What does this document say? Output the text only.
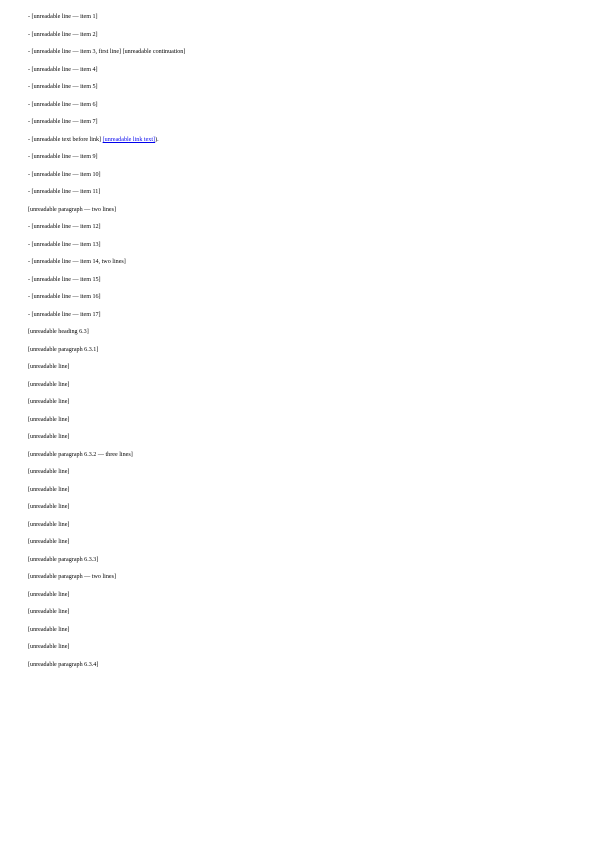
- [unreadable line — item 1]

- [unreadable line — item 2]

- [unreadable line — item 3, first line] [unreadable continuation]

- [unreadable line — item 4]

- [unreadable line — item 5]

- [unreadable line — item 6]

- [unreadable line — item 7]

- [unreadable text before link] [unreadable link text]).

- [unreadable line — item 9]

- [unreadable line — item 10]

- [unreadable line — item 11]

[unreadable paragraph — two lines]

- [unreadable line — item 12]

- [unreadable line — item 13]

- [unreadable line — item 14, two lines]

- [unreadable line — item 15]

- [unreadable line — item 16]

- [unreadable line — item 17]

[unreadable heading 6.3]

[unreadable paragraph 6.3.1]

[unreadable line]

[unreadable line]

[unreadable line]

[unreadable line]

[unreadable line]

[unreadable paragraph 6.3.2 — three lines]

[unreadable line]

[unreadable line]

[unreadable line]

[unreadable line]

[unreadable line]

[unreadable paragraph 6.3.3]

[unreadable paragraph — two lines]

[unreadable line]

[unreadable line]

[unreadable line]

[unreadable line]

[unreadable paragraph 6.3.4]
